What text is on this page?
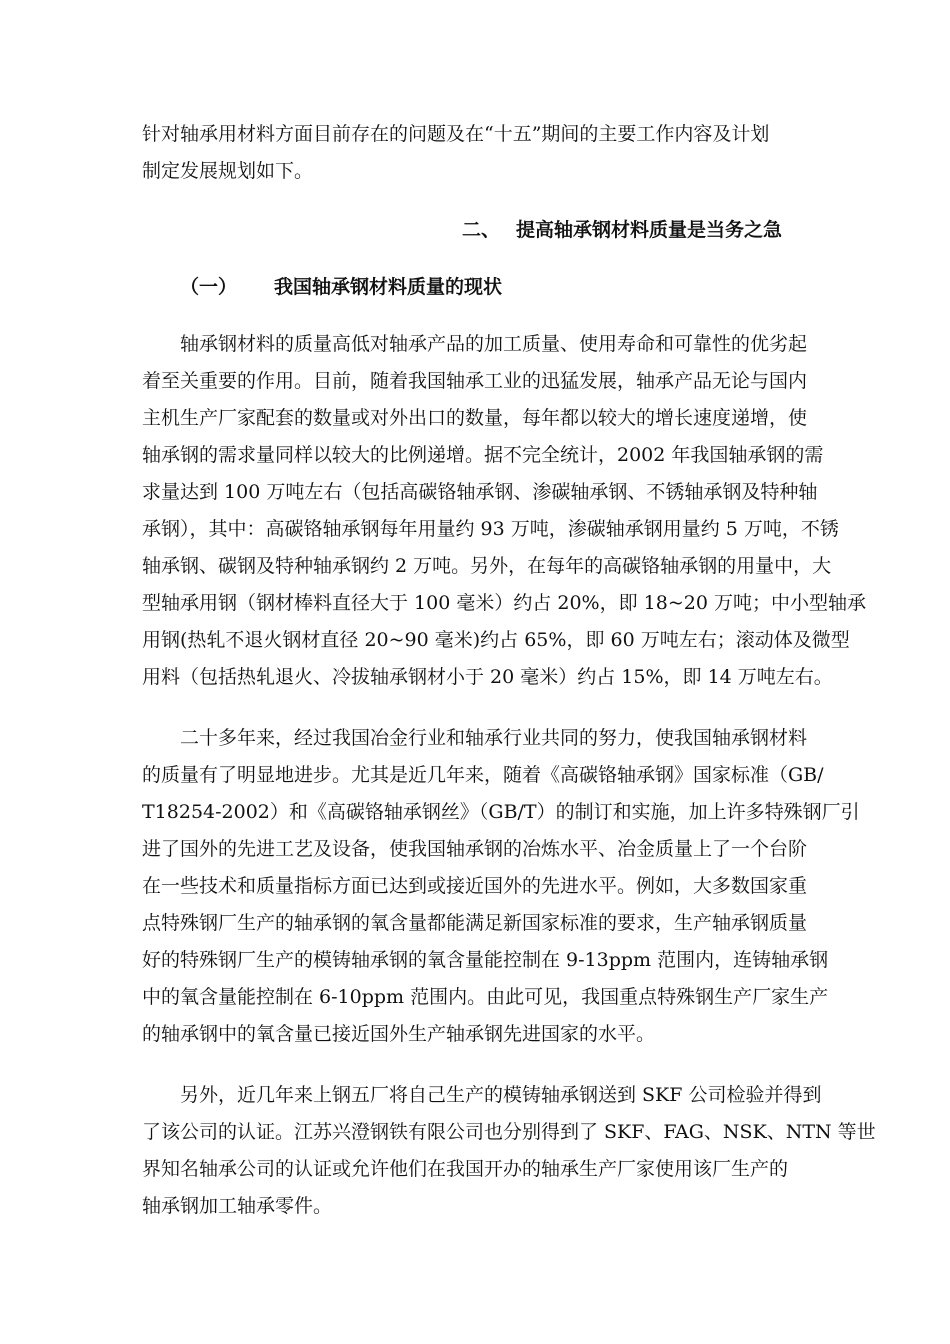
针对轴承用材料方面目前存在的问题及在“十五”期间的主要工作内容及计划
制定发展规划如下。

二、 提高轴承钢材料质量是当务之急
（一） 我国轴承钢材料质量的现状

轴承钢材料的质量高低对轴承产品的加工质量、使用寿命和可靠性的优劣起
着至关重要的作用。目前，随着我国轴承工业的迅猛发展，轴承产品无论与国内
主机生产厂家配套的数量或对外出口的数量，每年都以较大的增长速度递增，使
轴承钢的需求量同样以较大的比例递增。据不完全统计，2002 年我国轴承钢的需
求量达到 100 万吨左右（包括高碳铬轴承钢、渗碳轴承钢、不锈轴承钢及特种轴
承钢），其中：高碳铬轴承钢每年用量约 93 万吨，渗碳轴承钢用量约 5 万吨，不锈
轴承钢、碳钢及特种轴承钢约 2 万吨。另外，在每年的高碳铬轴承钢的用量中，大
型轴承用钢（钢材棒料直径大于 100 毫米）约占 20%，即 18~20 万吨；中小型轴承
用钢(热轧不退火钢材直径 20~90 毫米)约占 65%，即 60 万吨左右；滚动体及微型
用料（包括热轧退火、冷拔轴承钢材小于 20 毫米）约占 15%，即 14 万吨左右。

二十多年来，经过我国冶金行业和轴承行业共同的努力，使我国轴承钢材料
的质量有了明显地进步。尤其是近几年来，随着《高碳铬轴承钢》国家标准（GB/
T18254-2002）和《高碳铬轴承钢丝》（GB/T）的制订和实施，加上许多特殊钢厂引
进了国外的先进工艺及设备，使我国轴承钢的冶炼水平、冶金质量上了一个台阶
在一些技术和质量指标方面已达到或接近国外的先进水平。例如，大多数国家重
点特殊钢厂生产的轴承钢的氧含量都能满足新国家标准的要求，生产轴承钢质量
好的特殊钢厂生产的模铸轴承钢的氧含量能控制在 9-13ppm 范围内，连铸轴承钢
中的氧含量能控制在 6-10ppm 范围内。由此可见，我国重点特殊钢生产厂家生产
的轴承钢中的氧含量已接近国外生产轴承钢先进国家的水平。

另外，近几年来上钢五厂将自己生产的模铸轴承钢送到 SKF 公司检验并得到
了该公司的认证。江苏兴澄钢铁有限公司也分别得到了 SKF、FAG、NSK、NTN 等世
界知名轴承公司的认证或允许他们在我国开办的轴承生产厂家使用该厂生产的
轴承钢加工轴承零件。
